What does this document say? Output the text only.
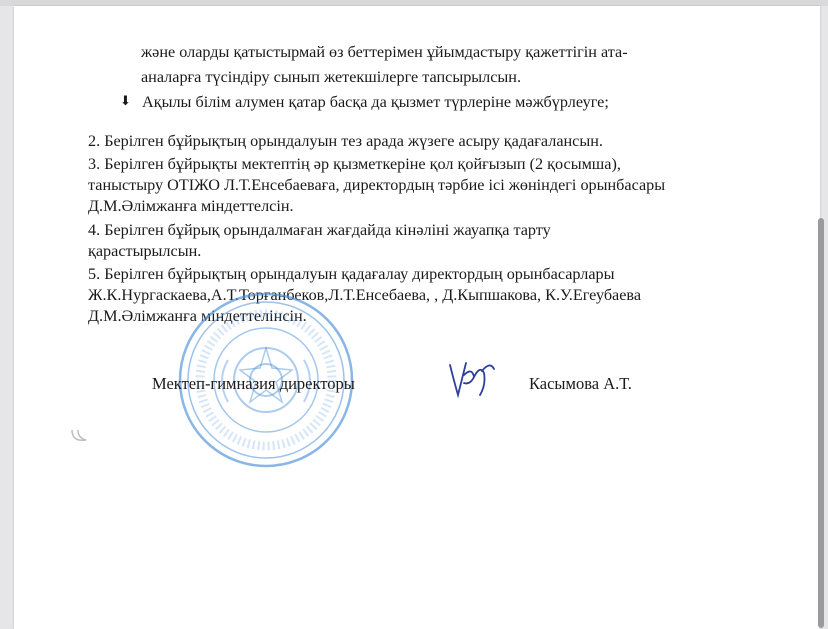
және оларды қатыстырмай өз беттерімен ұйымдастыру қажеттігін ата-
аналарға түсіндіру сынып жетекшілерге тапсырылсын.
⬇ Ақылы білім алумен қатар басқа да қызмет түрлеріне мәжбүрлеуге;
2. Берілген бұйрықтың орындалуын тез арада жүзеге асыру қадағалансын.
3. Берілген бұйрықты мектептің әр қызметкеріне қол қойғызып (2 қосымша),
таныстыру ОТІЖО Л.Т.Енсебаеваға, директордың тәрбие ісі жөніндегі орынбасары
Д.М.Әлімжанға міндеттелсін.
4. Берілген бұйрық орындалмаған жағдайда кінәліні жауапқа тарту
қарастырылсын.
5. Берілген бұйрықтың орындалуын қадағалау директордың орынбасарлары
Ж.К.Нургаскаева,А.Т.Торғанбеков,Л.Т.Енсебаева, , Д.Кыпшакова, К.У.Егеубаева
Д.М.Әлімжанға міндеттелінсін.
Мектеп-гимназия директоры	Касымова А.Т.
